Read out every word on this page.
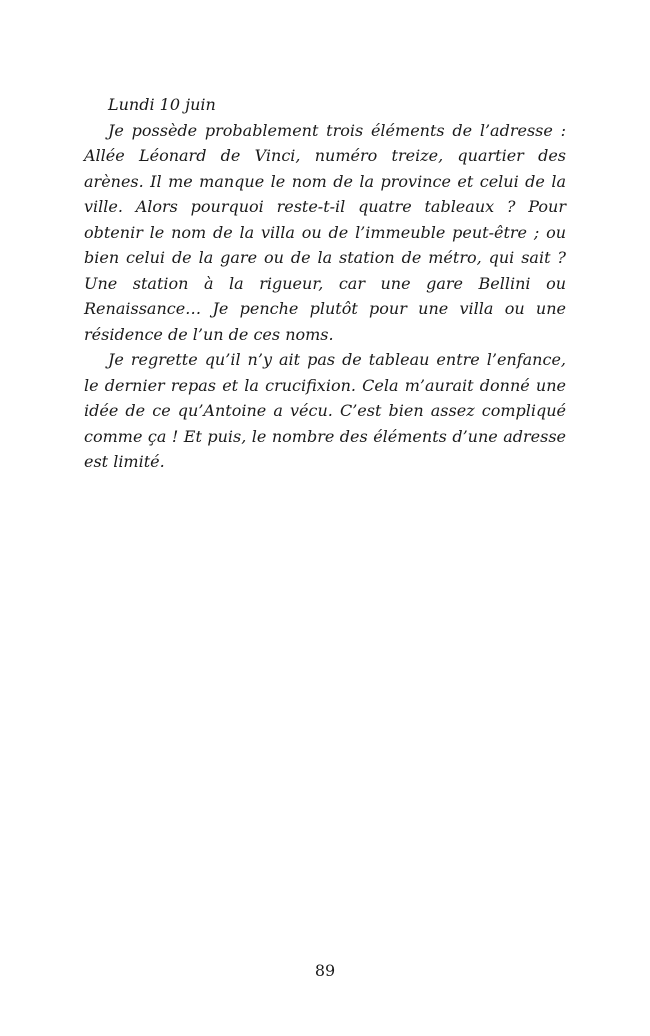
Lundi 10 juin

Je possède probablement trois éléments de l’adresse : Allée Léonard de Vinci, numéro treize, quartier des arènes. Il me manque le nom de la province et celui de la ville. Alors pourquoi reste-t-il quatre tableaux ? Pour obtenir le nom de la villa ou de l’immeuble peut-être ; ou bien celui de la gare ou de la station de métro, qui sait ? Une station à la rigueur, car une gare Bellini ou Renaissance… Je penche plutôt pour une villa ou une résidence de l’un de ces noms.

Je regrette qu’il n’y ait pas de tableau entre l’enfance, le dernier repas et la crucifixion. Cela m’aurait donné une idée de ce qu’Antoine a vécu. C’est bien assez compliqué comme ça ! Et puis, le nombre des éléments d’une adresse est limité.

89
